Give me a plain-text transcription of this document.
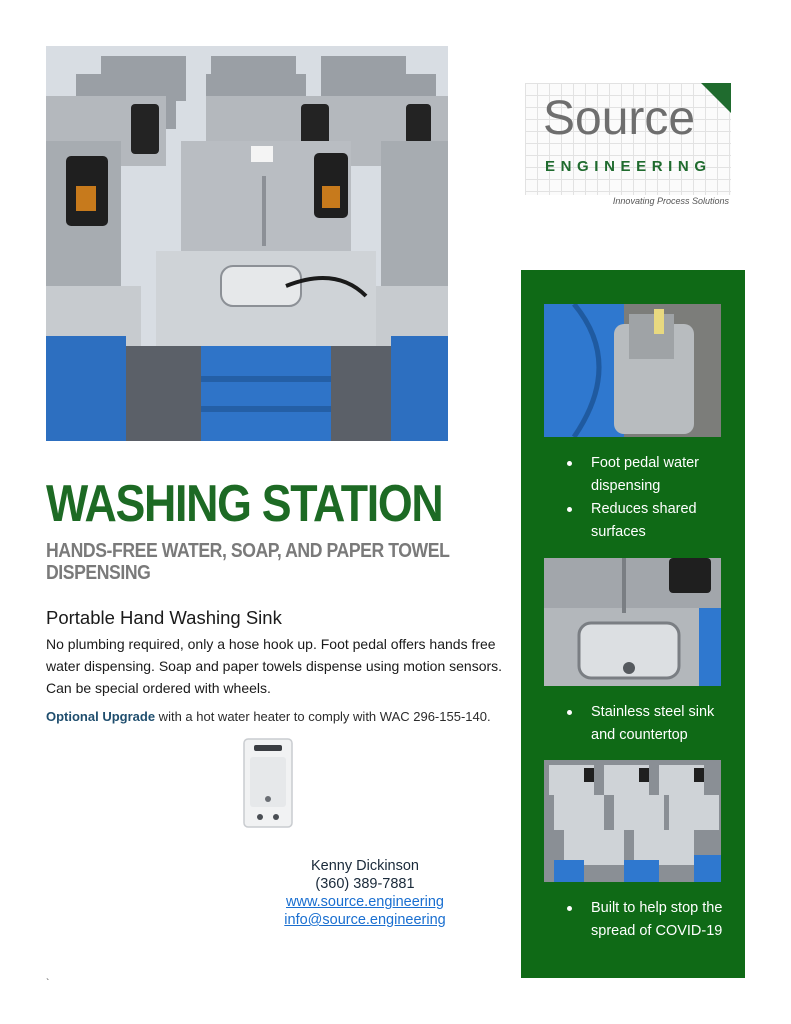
Source
ENGINEERING
Innovating Process Solutions
WASHING STATION
HANDS-FREE WATER, SOAP, AND PAPER TOWEL DISPENSING
Portable Hand Washing Sink
No plumbing required, only a hose hook up. Foot pedal offers hands free water dispensing. Soap and paper towels dispense using motion sensors. Can be special ordered with wheels.
Optional Upgrade with a hot water heater to comply with WAC 296-155-140.
Kenny Dickinson
(360) 389-7881
www.source.engineering
info@source.engineering
`
Foot pedal water dispensing
Reduces shared surfaces
Stainless steel sink and countertop
Built to help stop the spread of COVID-19
